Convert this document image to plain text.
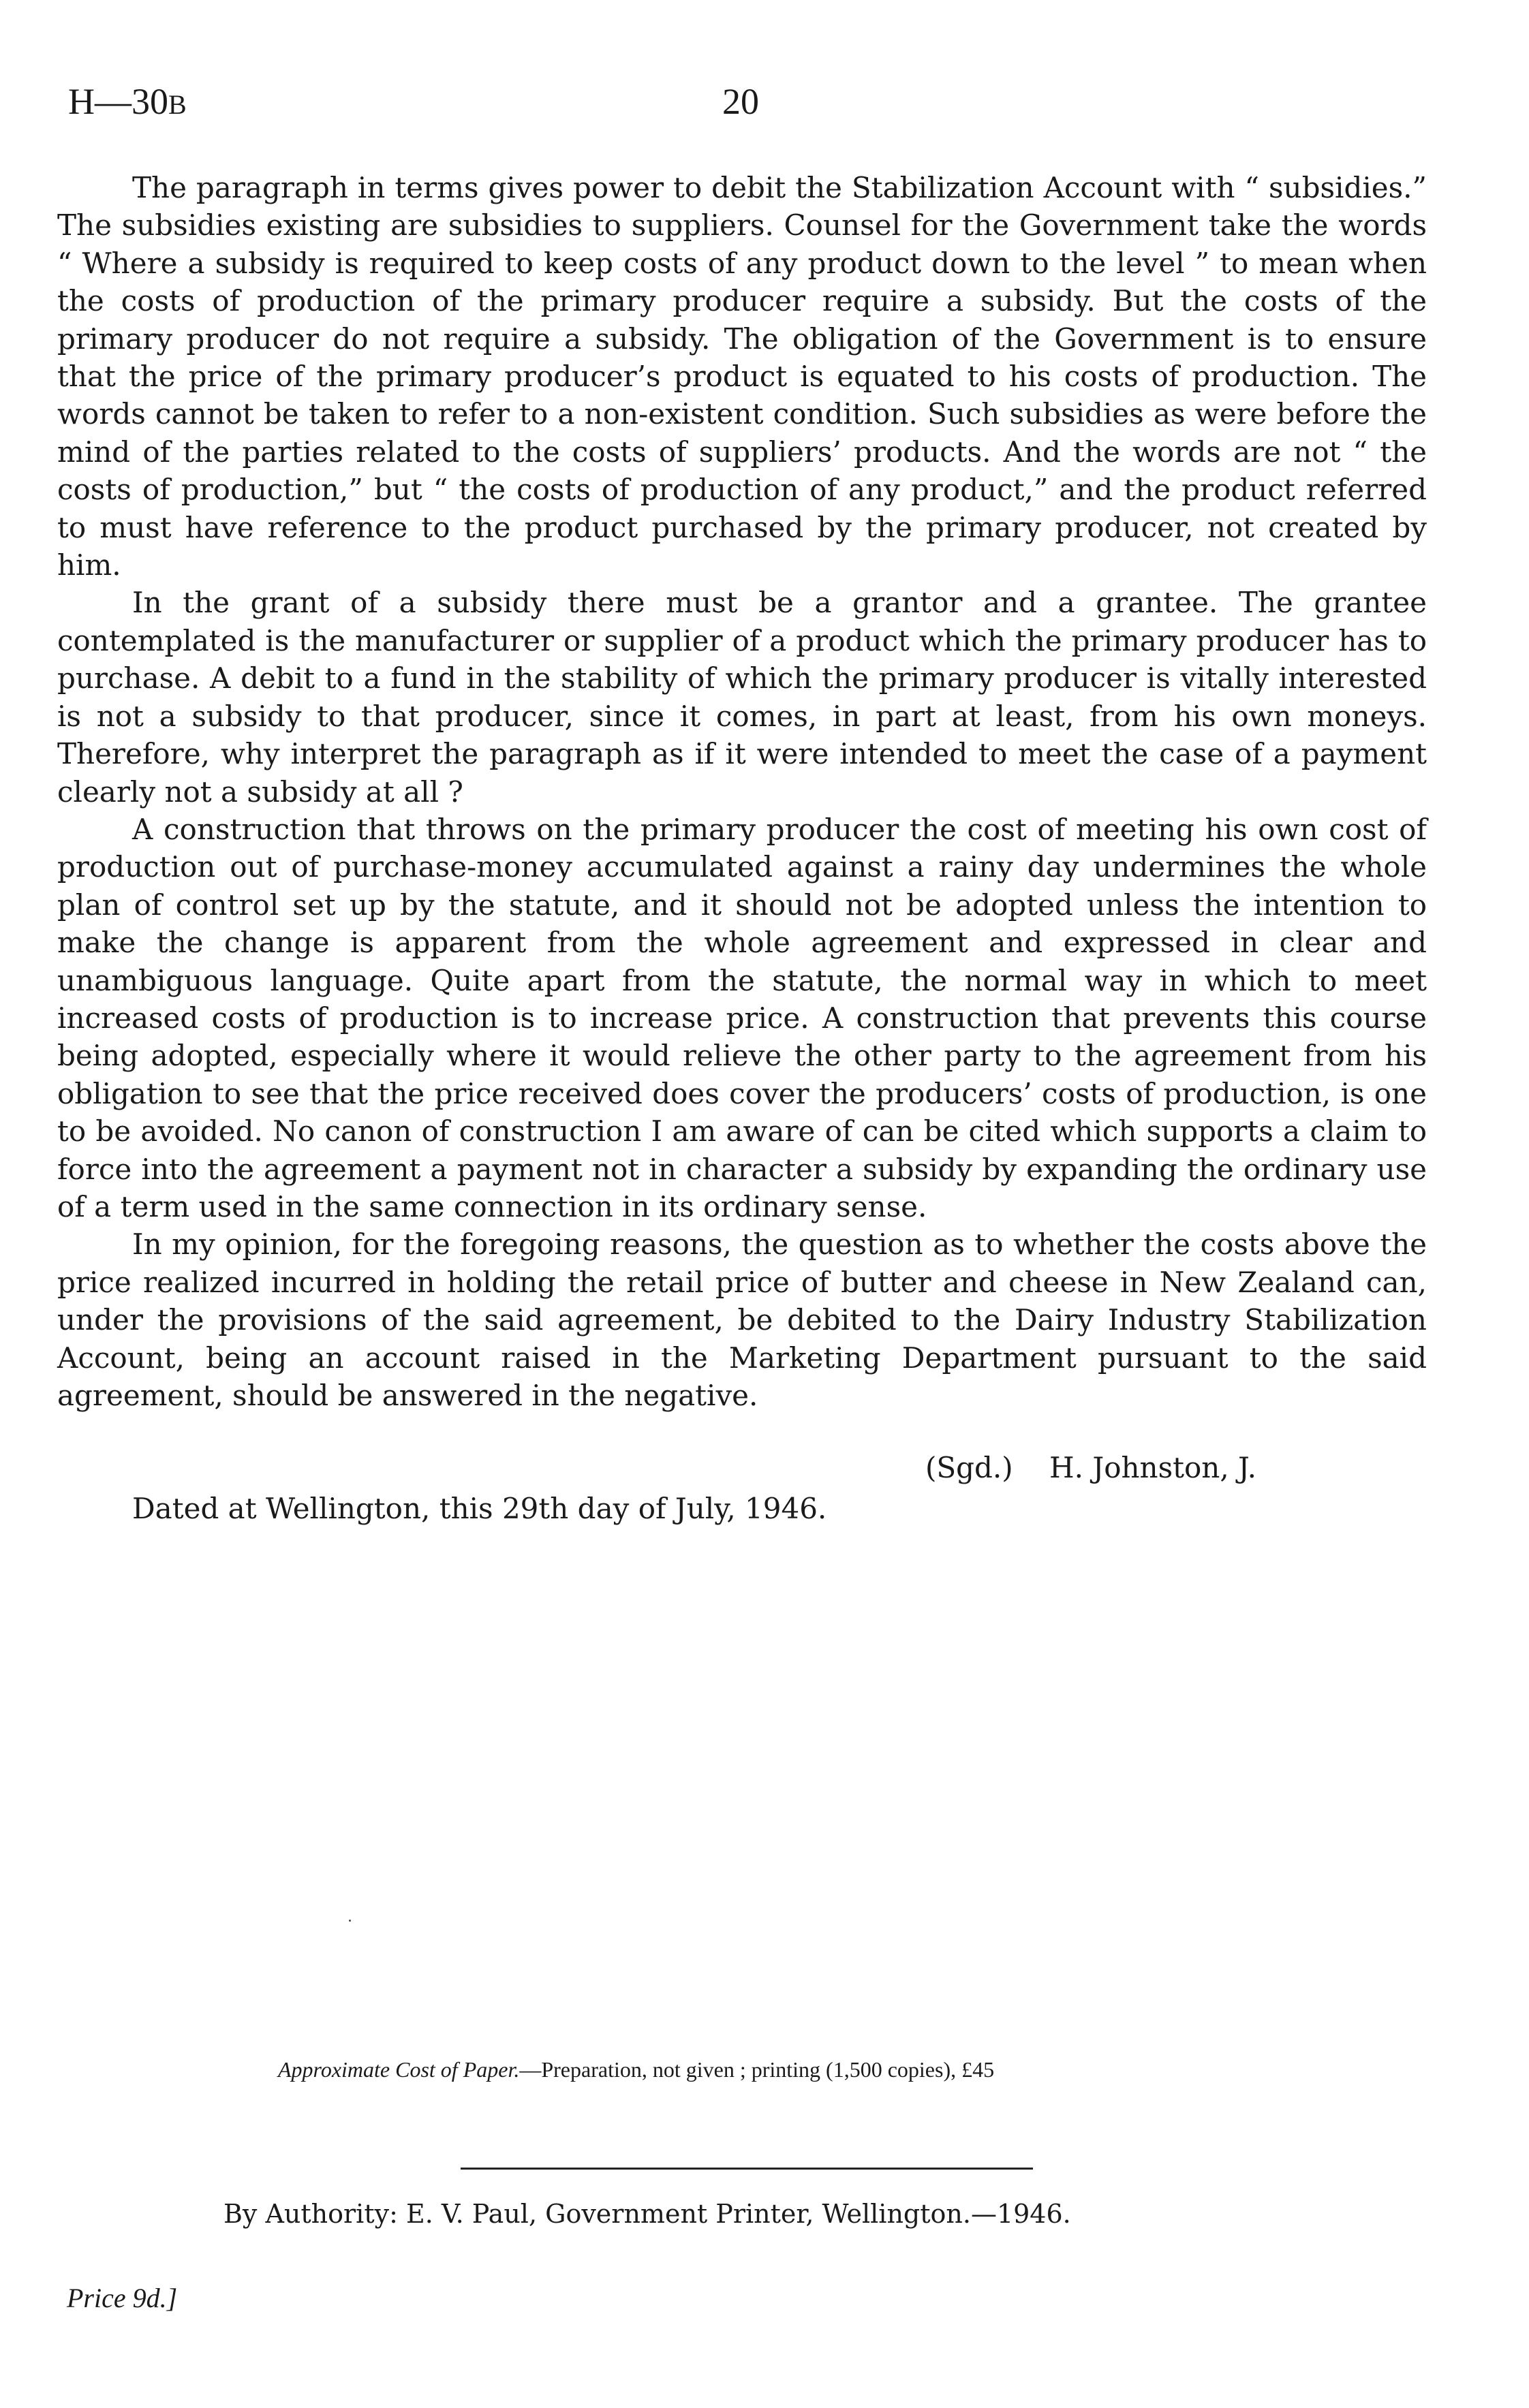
H—30B	20

The paragraph in terms gives power to debit the Stabilization Account with “ subsidies.” The subsidies existing are subsidies to suppliers. Counsel for the Government take the words “ Where a subsidy is required to keep costs of any product down to the level ” to mean when the costs of production of the primary producer require a subsidy. But the costs of the primary producer do not require a subsidy. The obligation of the Government is to ensure that the price of the primary producer’s product is equated to his costs of production. The words cannot be taken to refer to a non-existent condition. Such subsidies as were before the mind of the parties related to the costs of suppliers’ products. And the words are not “ the costs of production,” but “ the costs of production of any product,” and the product referred to must have reference to the product purchased by the primary producer, not created by him.

In the grant of a subsidy there must be a grantor and a grantee. The grantee contemplated is the manufacturer or supplier of a product which the primary producer has to purchase. A debit to a fund in the stability of which the primary producer is vitally interested is not a subsidy to that producer, since it comes, in part at least, from his own moneys. Therefore, why interpret the paragraph as if it were intended to meet the case of a payment clearly not a subsidy at all ?

A construction that throws on the primary producer the cost of meeting his own cost of production out of purchase-money accumulated against a rainy day undermines the whole plan of control set up by the statute, and it should not be adopted unless the intention to make the change is apparent from the whole agreement and expressed in clear and unambiguous language. Quite apart from the statute, the normal way in which to meet increased costs of production is to increase price. A construction that prevents this course being adopted, especially where it would relieve the other party to the agreement from his obligation to see that the price received does cover the producers’ costs of production, is one to be avoided. No canon of construction I am aware of can be cited which supports a claim to force into the agreement a payment not in character a subsidy by expanding the ordinary use of a term used in the same connection in its ordinary sense.

In my opinion, for the foregoing reasons, the question as to whether the costs above the price realized incurred in holding the retail price of butter and cheese in New Zealand can, under the provisions of the said agreement, be debited to the Dairy Industry Stabilization Account, being an account raised in the Marketing Department pursuant to the said agreement, should be answered in the negative.

(Sgd.) H. Johnston, J.
Dated at Wellington, this 29th day of July, 1946.
Approximate Cost of Paper.—Preparation, not given ; printing (1,500 copies), £45
By Authority: E. V. Paul, Government Printer, Wellington.—1946.
Price 9d.]
